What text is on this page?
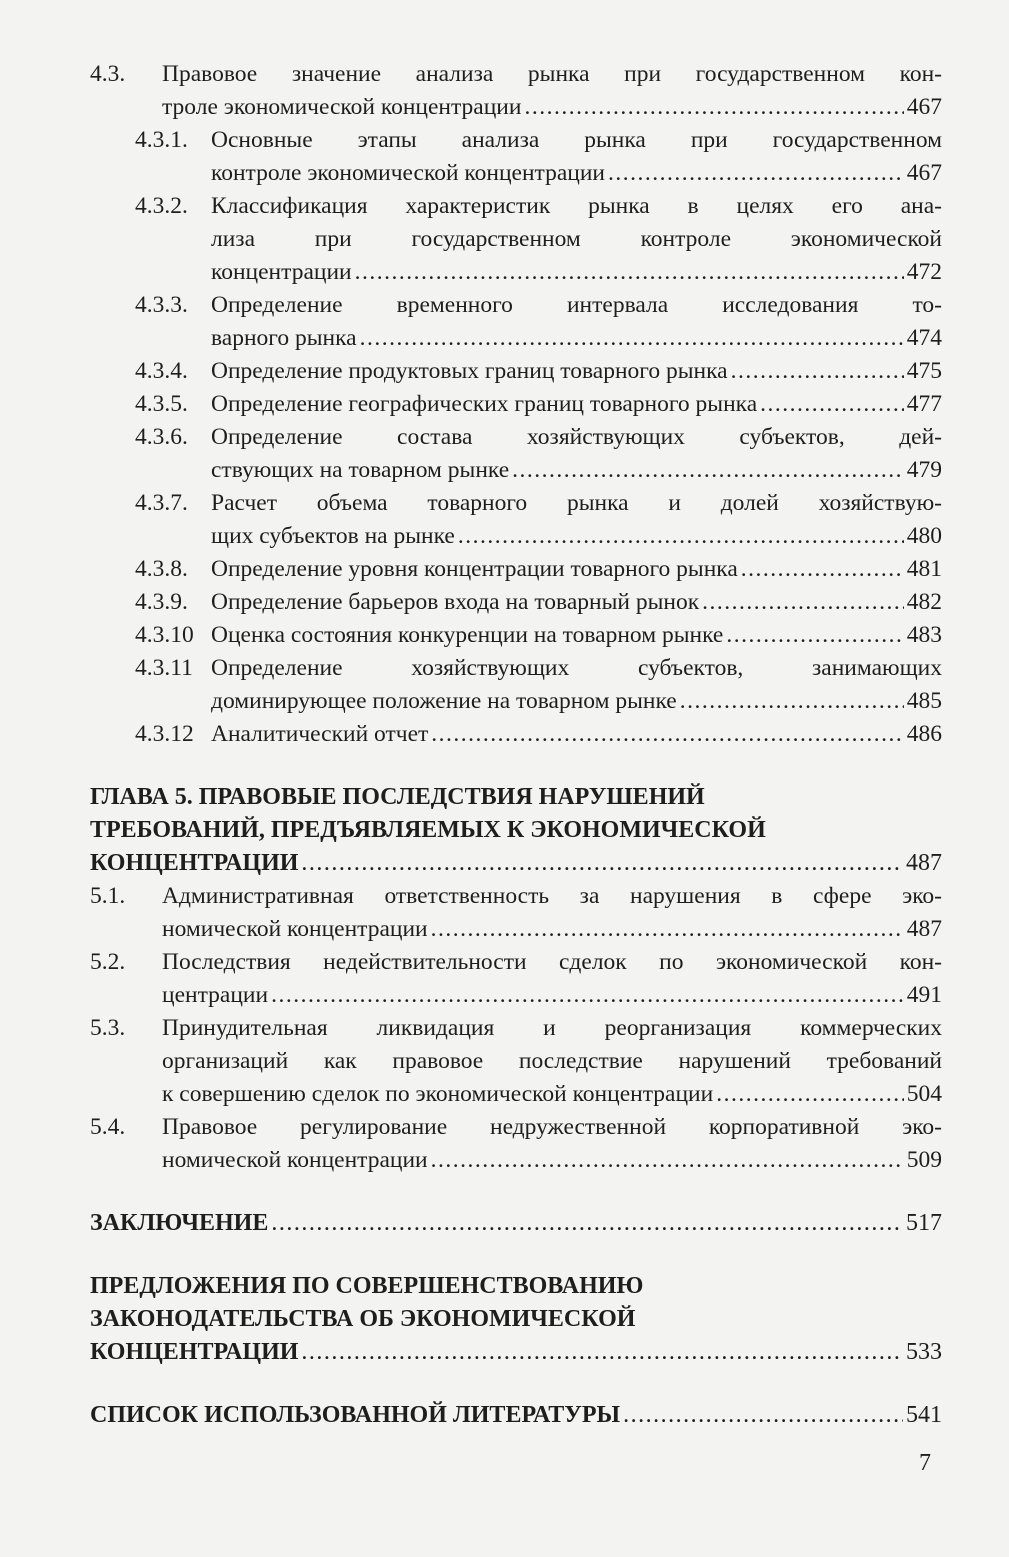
4.3. Правовое значение анализа рынка при государственном кон-
троле экономической концентрации .....	467
4.3.1. Основные этапы анализа рынка при государственном
контроле экономической концентрации .....	467
4.3.2. Классификация характеристик рынка в целях его ана-
лиза при государственном контроле экономической
концентрации .....	472
4.3.3. Определение временного интервала исследования то-
варного рынка .....	474
4.3.4. Определение продуктовых границ товарного рынка .....	475
4.3.5. Определение географических границ товарного рынка .....	477
4.3.6. Определение состава хозяйствующих субъектов, дей-
ствующих на товарном рынке .....	479
4.3.7. Расчет объема товарного рынка и долей хозяйствую-
щих субъектов на рынке .....	480
4.3.8. Определение уровня концентрации товарного рынка .....	481
4.3.9. Определение барьеров входа на товарный рынок .....	482
4.3.10 Оценка состояния конкуренции на товарном рынке .....	483
4.3.11 Определение хозяйствующих субъектов, занимающих
доминирующее положение на товарном рынке .....	485
4.3.12 Аналитический отчет .....	486
ГЛАВА 5. ПРАВОВЫЕ ПОСЛЕДСТВИЯ НАРУШЕНИЙ
ТРЕБОВАНИЙ, ПРЕДЪЯВЛЯЕМЫХ К ЭКОНОМИЧЕСКОЙ
КОНЦЕНТРАЦИИ .....	487
5.1. Административная ответственность за нарушения в сфере эко-
номической концентрации .....	487
5.2. Последствия недействительности сделок по экономической кон-
центрации .....	491
5.3. Принудительная ликвидация и реорганизация коммерческих
организаций как правовое последствие нарушений требований
к совершению сделок по экономической концентрации .....	504
5.4. Правовое регулирование недружественной корпоративной эко-
номической концентрации .....	509
ЗАКЛЮЧЕНИЕ .....	517
ПРЕДЛОЖЕНИЯ ПО СОВЕРШЕНСТВОВАНИЮ
ЗАКОНОДАТЕЛЬСТВА ОБ ЭКОНОМИЧЕСКОЙ
КОНЦЕНТРАЦИИ .....	533
СПИСОК ИСПОЛЬЗОВАННОЙ ЛИТЕРАТУРЫ .....	541
7
